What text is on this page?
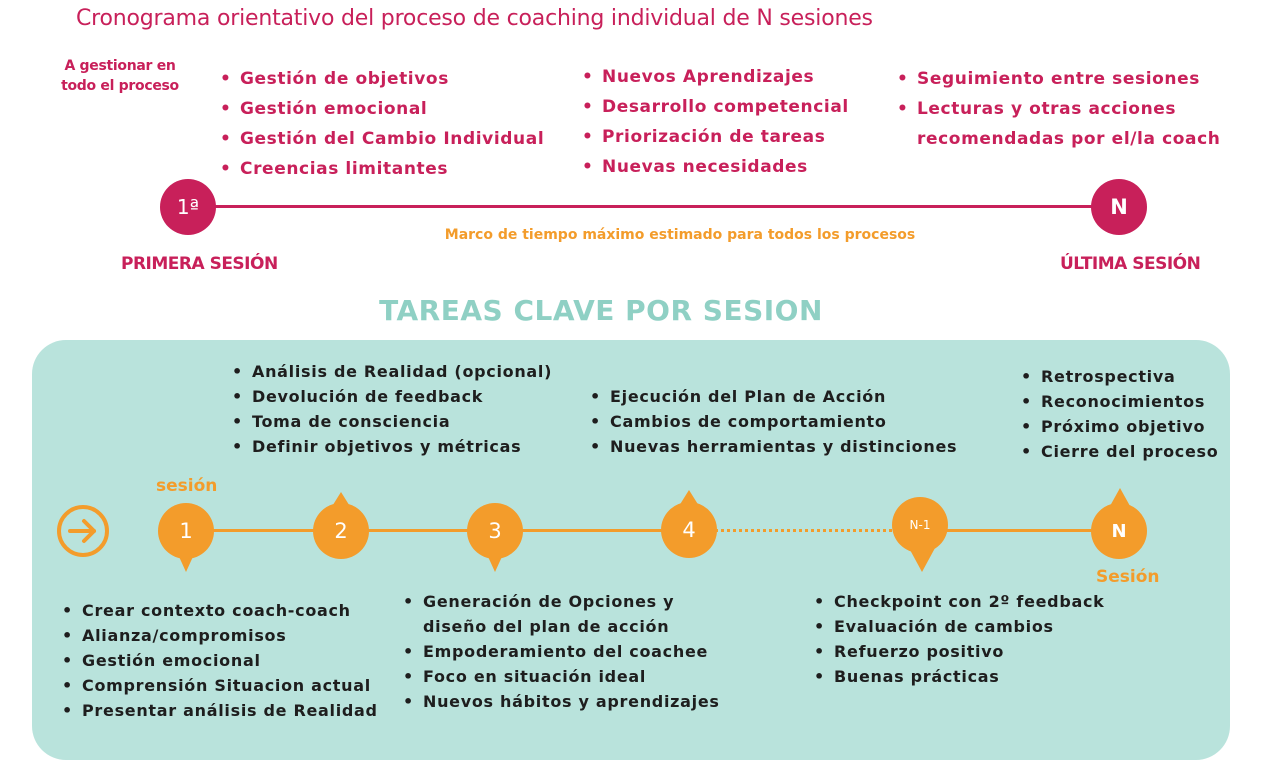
Cronograma orientativo del proceso de coaching individual de N sesiones
A gestionar en todo el proceso
•	Gestión de objetivos
• Gestión emocional
• Gestión del Cambio Individual
• Creencias limitantes
• Nuevos Aprendizajes
• Desarrollo competencial
• Priorización de tareas
• Nuevas necesidades
• Seguimiento entre sesiones
• Lecturas y otras acciones
recomendadas por el/la coach
1ª	N
Marco de tiempo máximo estimado para todos los procesos
PRIMERA SESIÓN	ÚLTIMA SESIÓN
TAREAS CLAVE POR SESION
• Análisis de Realidad (opcional)
• Devolución de feedback
• Toma de consciencia
• Definir objetivos y métricas
• Ejecución del Plan de Acción
• Cambios de comportamiento
• Nuevas herramientas y distinciones
• Retrospectiva
• Reconocimientos
• Próximo objetivo
• Cierre del proceso
sesión
1	2	3	4	N-1	N
Sesión
• Crear contexto coach-coach
• Alianza/compromisos
• Gestión emocional
• Comprensión Situacion actual
• Presentar análisis de Realidad
• Generación de Opciones y
diseño del plan de acción
• Empoderamiento del coachee
• Foco en situación ideal
• Nuevos hábitos y aprendizajes
• Checkpoint con 2º feedback
• Evaluación de cambios
• Refuerzo positivo
• Buenas prácticas
